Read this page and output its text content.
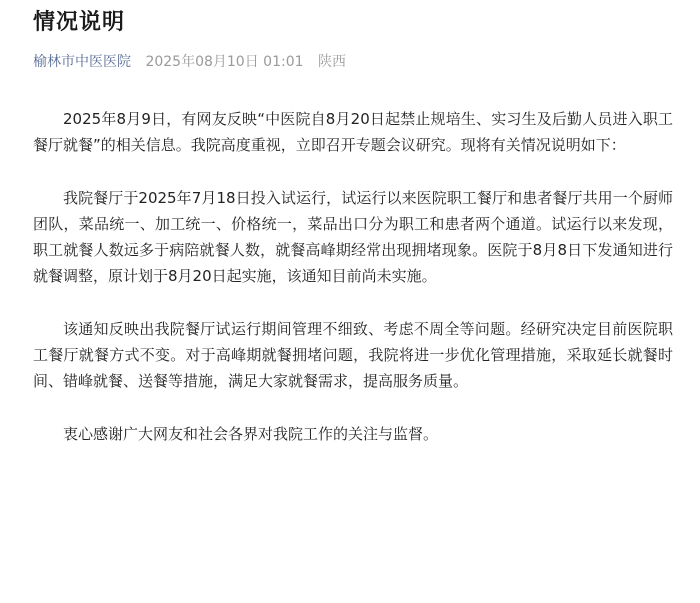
情况说明
榆林市中医医院 2025年08月10日 01:01 陕西

2025年8月9日，有网友反映“中医院自8月20日起禁止规培生、实习生及后勤人员进入职工餐厅就餐”的相关信息。我院高度重视，立即召开专题会议研究。现将有关情况说明如下：

我院餐厅于2025年7月18日投入试运行，试运行以来医院职工餐厅和患者餐厅共用一个厨师团队，菜品统一、加工统一、价格统一，菜品出口分为职工和患者两个通道。试运行以来发现，职工就餐人数远多于病陪就餐人数，就餐高峰期经常出现拥堵现象。医院于8月8日下发通知进行就餐调整，原计划于8月20日起实施，该通知目前尚未实施。

该通知反映出我院餐厅试运行期间管理不细致、考虑不周全等问题。经研究决定目前医院职工餐厅就餐方式不变。对于高峰期就餐拥堵问题，我院将进一步优化管理措施，采取延长就餐时间、错峰就餐、送餐等措施，满足大家就餐需求，提高服务质量。

衷心感谢广大网友和社会各界对我院工作的关注与监督。
